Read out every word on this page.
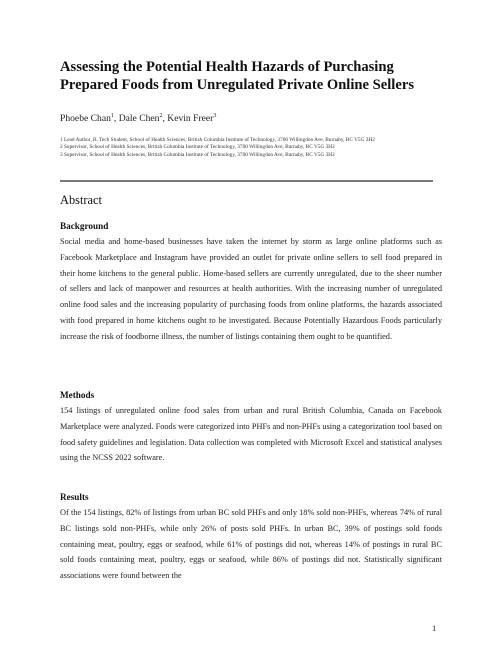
Assessing the Potential Health Hazards of Purchasing Prepared Foods from Unregulated Private Online Sellers
Phoebe Chan$^1$, Dale Chen$^2$, Kevin Freer$^3$
1 Lead Author, B. Tech Student, School of Health Sciences, British Columbia Institute of Technology, 3700 Willingdon Ave, Burnaby, BC V5G 3H2
2 Supervisor, School of Health Sciences, British Columbia Institute of Technology, 3700 Willingdon Ave, Burnaby, BC V5G 3H2
3 Supervisor, School of Health Sciences, British Columbia Institute of Technology, 3700 Willingdon Ave, Burnaby, BC V5G 3H2
Abstract
Background
Social media and home-based businesses have taken the internet by storm as large online platforms such as Facebook Marketplace and Instagram have provided an outlet for private online sellers to sell food prepared in their home kitchens to the general public. Home-based sellers are currently unregulated, due to the sheer number of sellers and lack of manpower and resources at health authorities. With the increasing number of unregulated online food sales and the increasing popularity of purchasing foods from online platforms, the hazards associated with food prepared in home kitchens ought to be investigated. Because Potentially Hazardous Foods particularly increase the risk of foodborne illness, the number of listings containing them ought to be quantified.
Methods
154 listings of unregulated online food sales from urban and rural British Columbia, Canada on Facebook Marketplace were analyzed. Foods were categorized into PHFs and non-PHFs using a categorization tool based on food safety guidelines and legislation. Data collection was completed with Microsoft Excel and statistical analyses using the NCSS 2022 software.
Results
Of the 154 listings, 82% of listings from urban BC sold PHFs and only 18% sold non-PHFs, whereas 74% of rural BC listings sold non-PHFs, while only 26% of posts sold PHFs. In urban BC, 39% of postings sold foods containing meat, poultry, eggs or seafood, while 61% of postings did not, whereas 14% of postings in rural BC sold foods containing meat, poultry, eggs or seafood, while 86% of postings did not. Statistically significant associations were found between the
1
